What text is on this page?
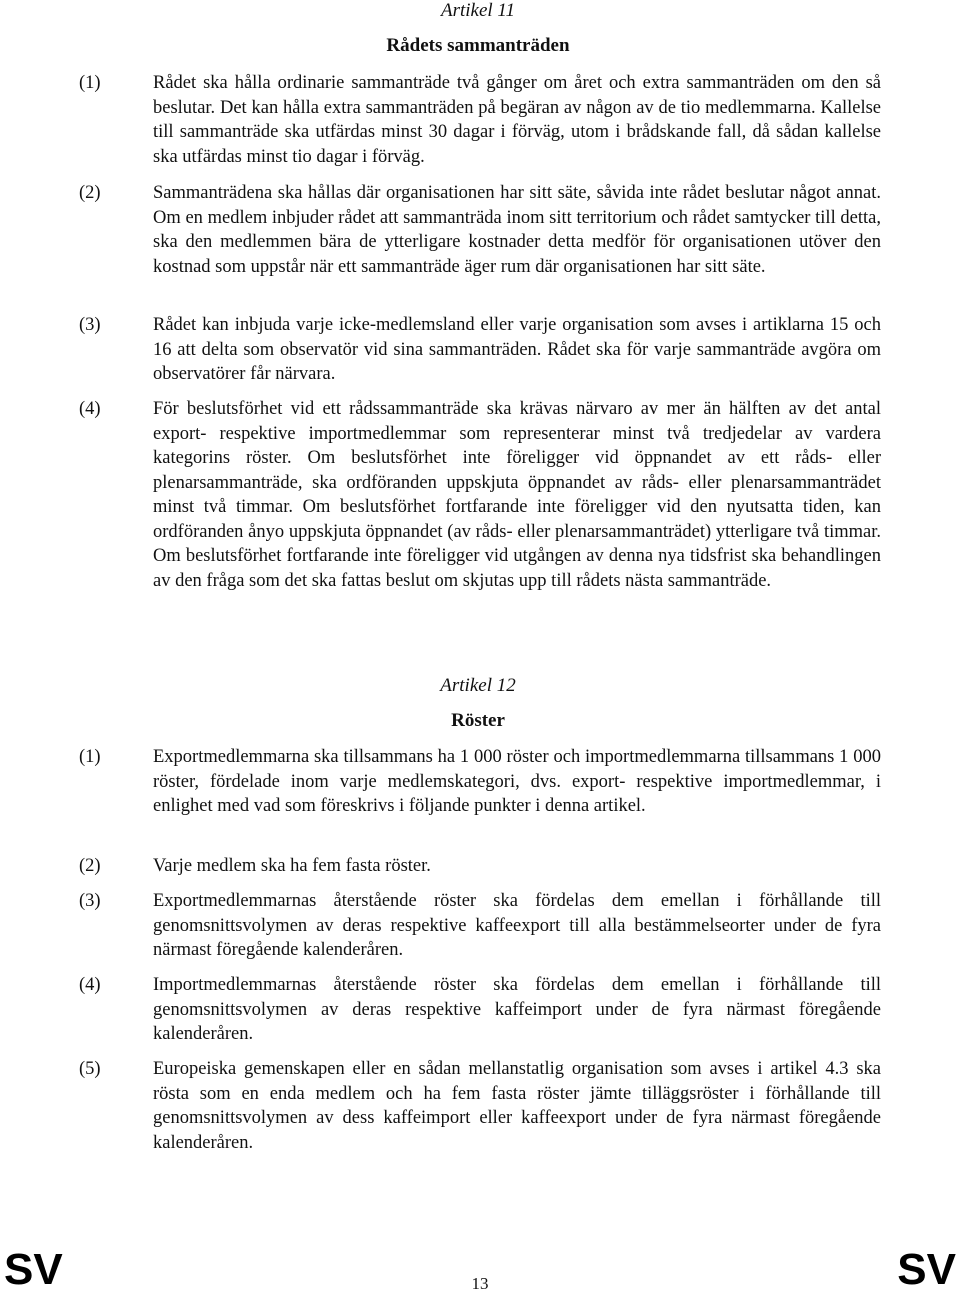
Artikel 11
Rådets sammanträden
(1)	Rådet ska hålla ordinarie sammanträde två gånger om året och extra sammanträden om den så beslutar. Det kan hålla extra sammanträden på begäran av någon av de tio medlemmarna. Kallelse till sammanträde ska utfärdas minst 30 dagar i förväg, utom i brådskande fall, då sådan kallelse ska utfärdas minst tio dagar i förväg.
(2)	Sammanträdena ska hållas där organisationen har sitt säte, såvida inte rådet beslutar något annat. Om en medlem inbjuder rådet att sammanträda inom sitt territorium och rådet samtycker till detta, ska den medlemmen bära de ytterligare kostnader detta medför för organisationen utöver den kostnad som uppstår när ett sammanträde äger rum där organisationen har sitt säte.
(3)	Rådet kan inbjuda varje icke-medlemsland eller varje organisation som avses i artiklarna 15 och 16 att delta som observatör vid sina sammanträden. Rådet ska för varje sammanträde avgöra om observatörer får närvara.
(4)	För beslutsförhet vid ett rådssammanträde ska krävas närvaro av mer än hälften av det antal export- respektive importmedlemmar som representerar minst två tredjedelar av vardera kategorins röster. Om beslutsförhet inte föreligger vid öppnandet av ett råds- eller plenarsammanträde, ska ordföranden uppskjuta öppnandet av råds- eller plenarsammanträdet minst två timmar. Om beslutsförhet fortfarande inte föreligger vid den nyutsatta tiden, kan ordföranden ånyo uppskjuta öppnandet (av råds- eller plenarsammanträdet) ytterligare två timmar. Om beslutsförhet fortfarande inte föreligger vid utgången av denna nya tidsfrist ska behandlingen av den fråga som det ska fattas beslut om skjutas upp till rådets nästa sammanträde.
Artikel 12
Röster
(1)	Exportmedlemmarna ska tillsammans ha 1 000 röster och importmedlemmarna tillsammans 1 000 röster, fördelade inom varje medlemskategori, dvs. export- respektive importmedlemmar, i enlighet med vad som föreskrivs i följande punkter i denna artikel.
(2)	Varje medlem ska ha fem fasta röster.
(3)	Exportmedlemmarnas återstående röster ska fördelas dem emellan i förhållande till genomsnittsvolymen av deras respektive kaffeexport till alla bestämmelseorter under de fyra närmast föregående kalenderåren.
(4)	Importmedlemmarnas återstående röster ska fördelas dem emellan i förhållande till genomsnittsvolymen av deras respektive kaffeimport under de fyra närmast föregående kalenderåren.
(5)	Europeiska gemenskapen eller en sådan mellanstatlig organisation som avses i artikel 4.3 ska rösta som en enda medlem och ha fem fasta röster jämte tilläggsröster i förhållande till genomsnittsvolymen av dess kaffeimport eller kaffeexport under de fyra närmast föregående kalenderåren.
SV	13	SV
